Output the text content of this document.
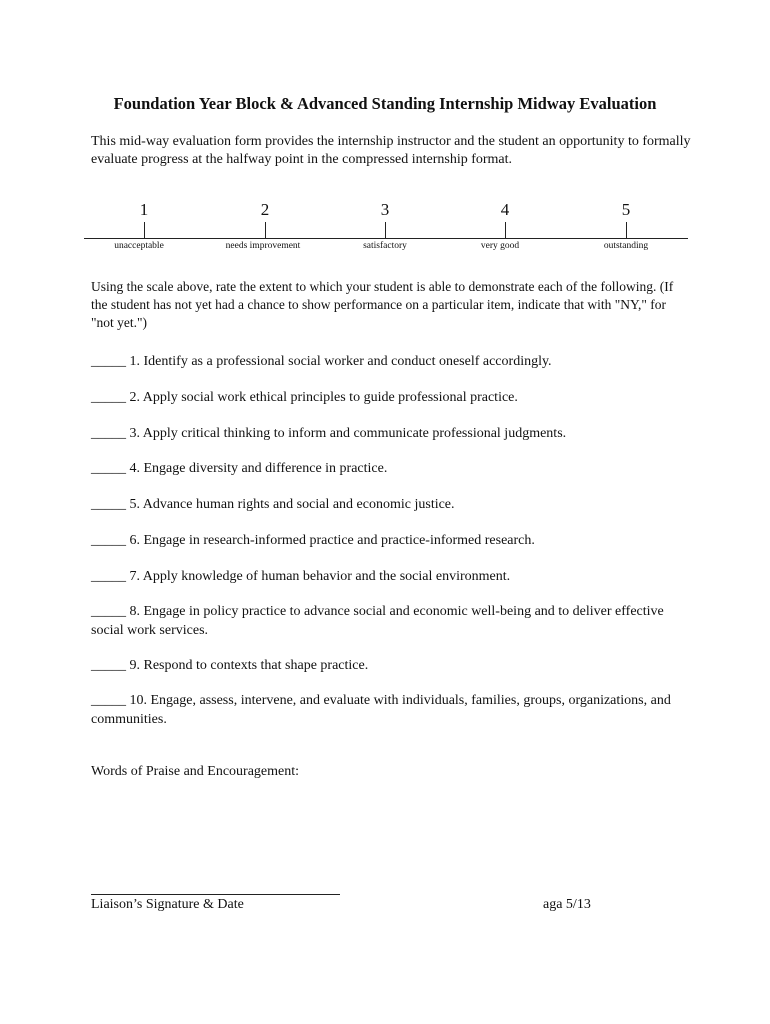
Foundation Year Block & Advanced Standing Internship Midway Evaluation
This mid-way evaluation form provides the internship instructor and the student an opportunity to formally evaluate progress at the halfway point in the compressed internship format.
1	2	3	4	5
unacceptable	needs improvement	satisfactory	very good	outstanding
Using the scale above, rate the extent to which your student is able to demonstrate each of the following. (If the student has not yet had a chance to show performance on a particular item, indicate that with "NY," for "not yet.")
_____ 1. Identify as a professional social worker and conduct oneself accordingly.
_____ 2. Apply social work ethical principles to guide professional practice.
_____ 3. Apply critical thinking to inform and communicate professional judgments.
_____ 4. Engage diversity and difference in practice.
_____ 5. Advance human rights and social and economic justice.
_____ 6. Engage in research-informed practice and practice-informed research.
_____ 7. Apply knowledge of human behavior and the social environment.
_____ 8. Engage in policy practice to advance social and economic well-being and to deliver effective social work services.
_____ 9. Respond to contexts that shape practice.
_____ 10. Engage, assess, intervene, and evaluate with individuals, families, groups, organizations, and communities.
Words of Praise and Encouragement:
Liaison’s Signature & Date	aga 5/13
